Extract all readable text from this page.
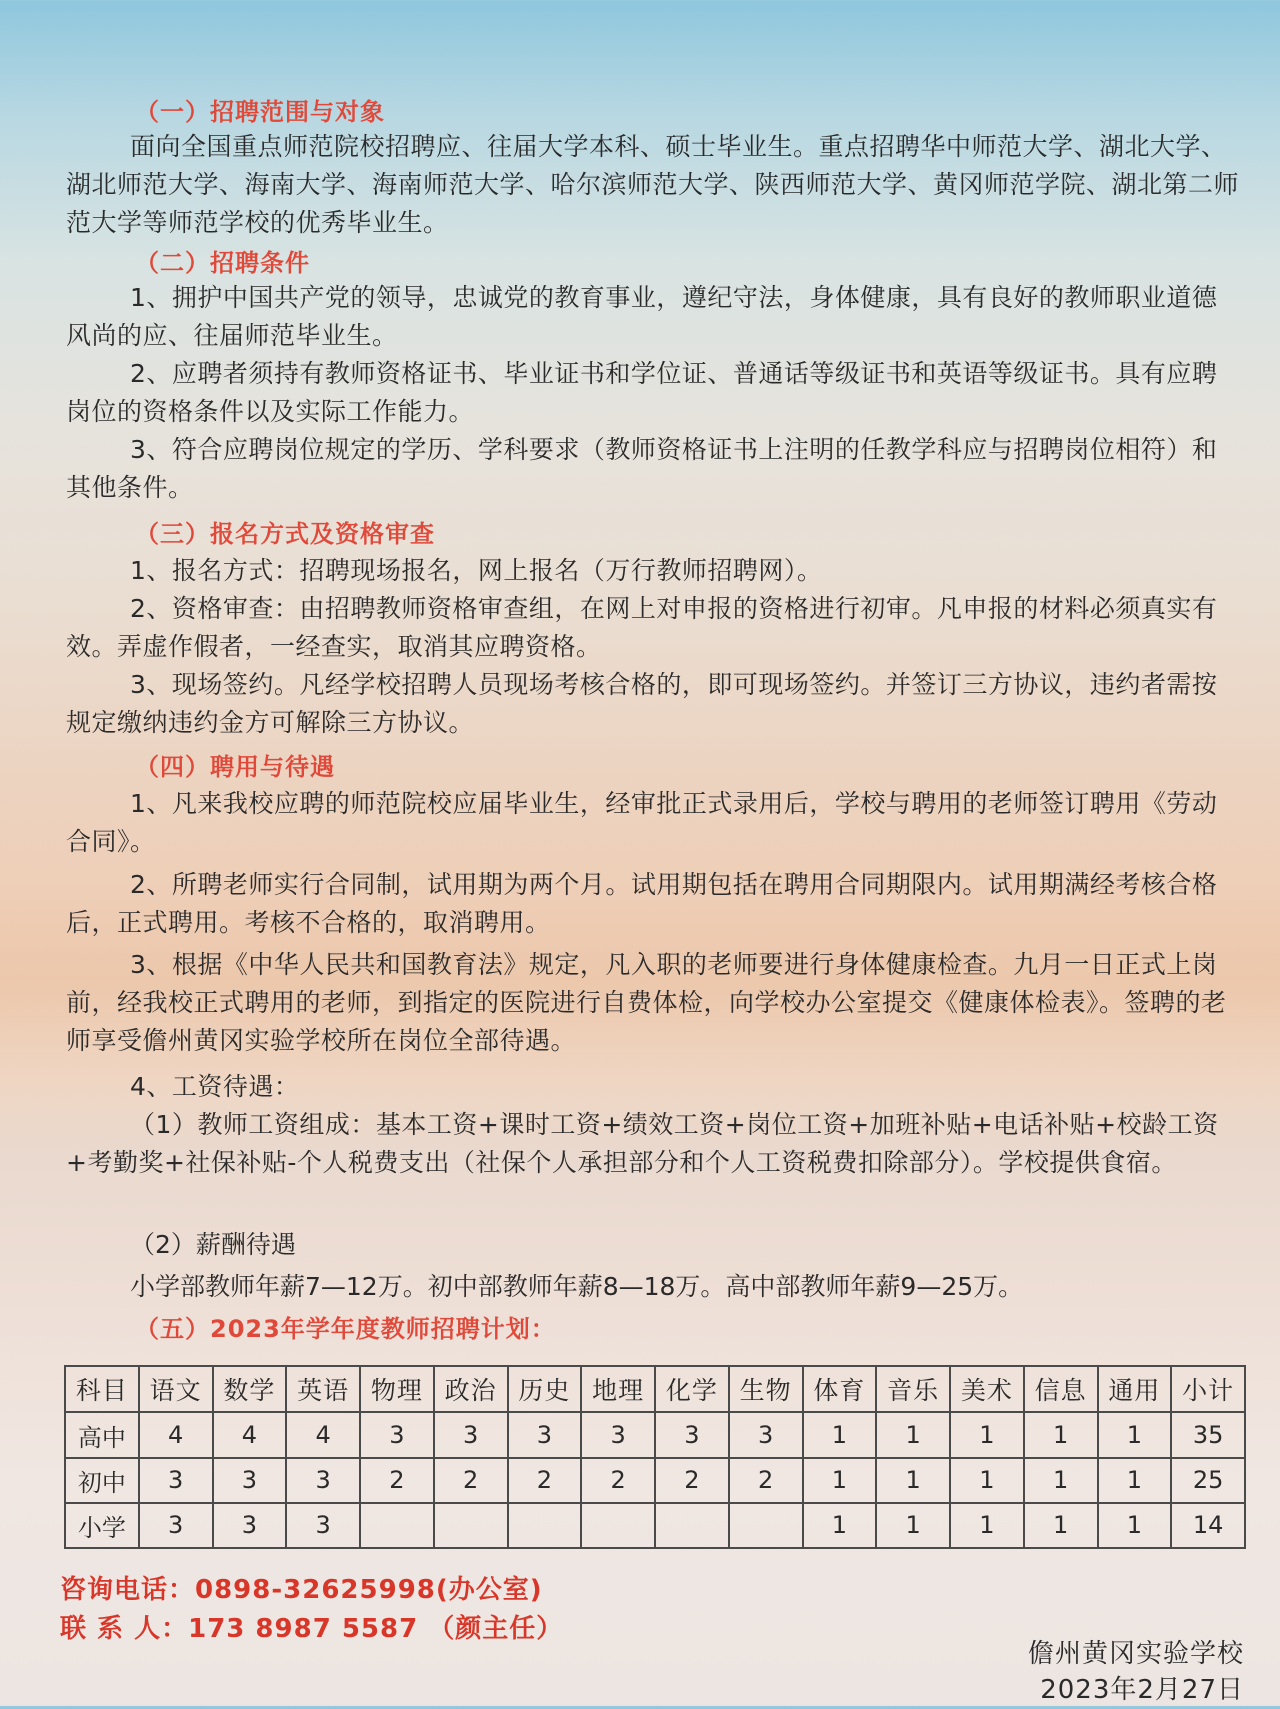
（一）招聘范围与对象
面向全国重点师范院校招聘应、往届大学本科、硕士毕业生。重点招聘华中师范大学、湖北大学、湖北师范大学、海南大学、海南师范大学、哈尔滨师范大学、陕西师范大学、黄冈师范学院、湖北第二师范大学等师范学校的优秀毕业生。
（二）招聘条件
1、拥护中国共产党的领导，忠诚党的教育事业，遵纪守法，身体健康，具有良好的教师职业道德风尚的应、往届师范毕业生。
2、应聘者须持有教师资格证书、毕业证书和学位证、普通话等级证书和英语等级证书。具有应聘岗位的资格条件以及实际工作能力。
3、符合应聘岗位规定的学历、学科要求（教师资格证书上注明的任教学科应与招聘岗位相符）和其他条件。
（三）报名方式及资格审查
1、报名方式：招聘现场报名，网上报名（万行教师招聘网）。
2、资格审查：由招聘教师资格审查组，在网上对申报的资格进行初审。凡申报的材料必须真实有效。弄虚作假者，一经查实，取消其应聘资格。
3、现场签约。凡经学校招聘人员现场考核合格的，即可现场签约。并签订三方协议，违约者需按规定缴纳违约金方可解除三方协议。
（四）聘用与待遇
1、凡来我校应聘的师范院校应届毕业生，经审批正式录用后，学校与聘用的老师签订聘用《劳动合同》。
2、所聘老师实行合同制，试用期为两个月。试用期包括在聘用合同期限内。试用期满经考核合格后，正式聘用。考核不合格的，取消聘用。
3、根据《中华人民共和国教育法》规定，凡入职的老师要进行身体健康检查。九月一日正式上岗前，经我校正式聘用的老师，到指定的医院进行自费体检，向学校办公室提交《健康体检表》。签聘的老师享受儋州黄冈实验学校所在岗位全部待遇。
4、工资待遇：
（1）教师工资组成：基本工资+课时工资+绩效工资+岗位工资+加班补贴+电话补贴+校龄工资+考勤奖+社保补贴-个人税费支出（社保个人承担部分和个人工资税费扣除部分）。学校提供食宿。
（2）薪酬待遇
小学部教师年薪7—12万。初中部教师年薪8—18万。高中部教师年薪9—25万。
（五）2023年学年度教师招聘计划：
科目	语文	数学	英语	物理	政治	历史	地理	化学	生物	体育	音乐	美术	信息	通用	小计
高中	4	4	4	3	3	3	3	3	3	1	1	1	1	1	35
初中	3	3	3	2	2	2	2	2	2	1	1	1	1	1	25
小学	3	3	3							1	1	1	1	1	14
咨询电话：0898-32625998(办公室)
联 系 人：173 8987 5587 （颜主任）
儋州黄冈实验学校
2023年2月27日
